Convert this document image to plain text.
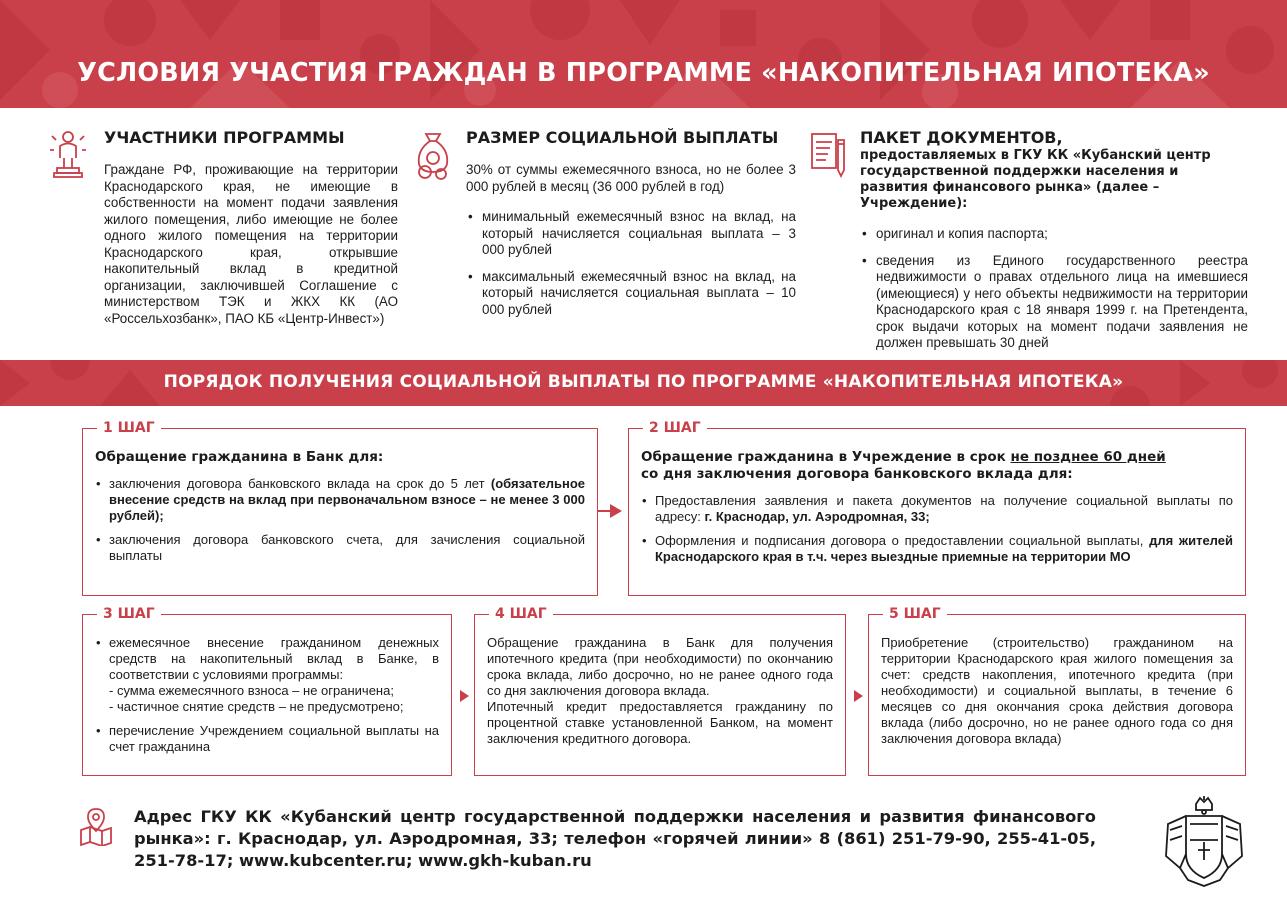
УСЛОВИЯ УЧАСТИЯ ГРАЖДАН В ПРОГРАММЕ «НАКОПИТЕЛЬНАЯ ИПОТЕКА»
УЧАСТНИКИ ПРОГРАММЫ

Граждане РФ, проживающие на территории Краснодарского края, не имеющие в собственности на момент подачи заявления жилого помещения, либо имеющие не более одного жилого помещения на территории Краснодарского края, открывшие накопительный вклад в кредитной организации, заключившей Соглашение с министерством ТЭК и ЖКХ КК (АО «Россельхозбанк», ПАО КБ «Центр-Инвест»)

РАЗМЕР СОЦИАЛЬНОЙ ВЫПЛАТЫ

30% от суммы ежемесячного взноса, но не более 3 000 рублей в месяц (36 000 рублей в год)

• минимальный ежемесячный взнос на вклад, на который начисляется социальная выплата – 3 000 рублей
• максимальный ежемесячный взнос на вклад, на который начисляется социальная выплата – 10 000 рублей
ПАКЕТ ДОКУМЕНТОВ,
предоставляемых в ГКУ КК «Кубанский центр государственной поддержки населения и развития финансового рынка» (далее – Учреждение):
• оригинал и копия паспорта;
• сведения из Единого государственного реестра недвижимости о правах отдельного лица на имевшиеся (имеющиеся) у него объекты недвижимости на территории Краснодарского края с 18 января 1999 г. на Претендента, срок выдачи которых на момент подачи заявления не должен превышать 30 дней
ПОРЯДОК ПОЛУЧЕНИЯ СОЦИАЛЬНОЙ ВЫПЛАТЫ ПО ПРОГРАММЕ «НАКОПИТЕЛЬНАЯ ИПОТЕКА»
1 ШАГ
Обращение гражданина в Банк для:
• заключения договора банковского вклада на срок до 5 лет (обязательное внесение средств на вклад при первоначальном взносе – не менее 3 000 рублей);
• заключения договора банковского счета, для зачисления социальной выплаты
2 ШАГ
Обращение гражданина в Учреждение в срок не позднее 60 дней
со дня заключения договора банковского вклада для:
• Предоставления заявления и пакета документов на получение социальной выплаты по адресу: г. Краснодар, ул. Аэродромная, 33;
• Оформления и подписания договора о предоставлении социальной выплаты, для жителей Краснодарского края в т.ч. через выездные приемные на территории МО
3 ШАГ
• ежемесячное внесение гражданином денежных средств на накопительный вклад в Банке, в соответствии с условиями программы:
- сумма ежемесячного взноса – не ограничена;
- частичное снятие средств – не предусмотрено;
• перечисление Учреждением социальной выплаты на счет гражданина
4 ШАГ

Обращение гражданина в Банк для получения ипотечного кредита (при необходимости) по окончанию срока вклада, либо досрочно, но не ранее одного года со дня заключения договора вклада.

Ипотечный кредит предоставляется гражданину по процентной ставке установленной Банком, на момент заключения кредитного договора.

5 ШАГ

Приобретение (строительство) гражданином на территории Краснодарского края жилого помещения за счет: средств накопления, ипотечного кредита (при необходимости) и социальной выплаты, в течение 6 месяцев со дня окончания срока действия договора вклада (либо досрочно, но не ранее одного года со дня заключения договора вклада)

Адрес ГКУ КК «Кубанский центр государственной поддержки населения и развития финансового рынка»: г. Краснодар, ул. Аэродромная, 33; телефон «горячей линии» 8 (861) 251-79-90, 255-41-05, 251-78-17; www.kubcenter.ru; www.gkh-kuban.ru
